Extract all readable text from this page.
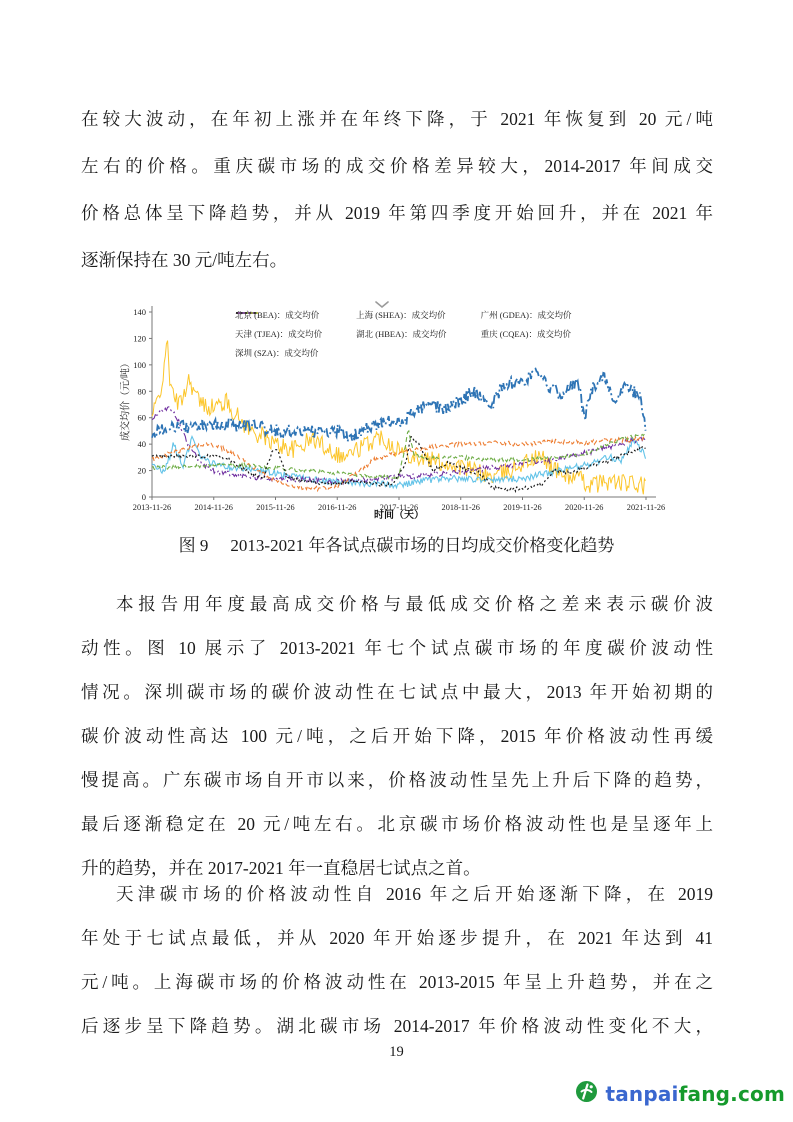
在较大波动，在年初上涨并在年终下降，于 2021 年恢复到 20 元/吨
左右的价格。重庆碳市场的成交价格差异较大，2014-2017 年间成交
价格总体呈下降趋势，并从 2019 年第四季度开始回升，并在 2021 年
逐渐保持在 30 元/吨左右。
本报告用年度最高成交价格与最低成交价格之差来表示碳价波
动性。图 10 展示了 2013-2021 年七个试点碳市场的年度碳价波动性
情况。深圳碳市场的碳价波动性在七试点中最大，2013 年开始初期的
碳价波动性高达 100 元/吨，之后开始下降，2015 年价格波动性再缓
慢提高。广东碳市场自开市以来，价格波动性呈先上升后下降的趋势，
最后逐渐稳定在 20 元/吨左右。北京碳市场价格波动性也是呈逐年上
升的趋势，并在 2017-2021 年一直稳居七试点之首。
天津碳市场的价格波动性自 2016 年之后开始逐渐下降，在 2019
年处于七试点最低，并从 2020 年开始逐步提升，在 2021 年达到 41
元/吨。上海碳市场的价格波动性在 2013-2015 年呈上升趋势，并在之
后逐步呈下降趋势。湖北碳市场 2014-2017 年价格波动性变化不大，
0
20
40
60
80
100
120
140
2013-11-26	2014-11-26	2015-11-26	2016-11-26	2017-11-26	2018-11-26	2019-11-26	2020-11-26	2021-11-26
成交均价（元/吨）
时间（天）
北京 (BEA)：成交均价
天津 (TJEA)：成交均价
深圳 (SZA)：成交均价
上海 (SHEA)：成交均价
湖北 (HBEA)：成交均价
广州 (GDEA)：成交均价
重庆 (CQEA)：成交均价
图 9 2013-2021 年各试点碳市场的日均成交价格变化趋势
19
tanpaifang.com
